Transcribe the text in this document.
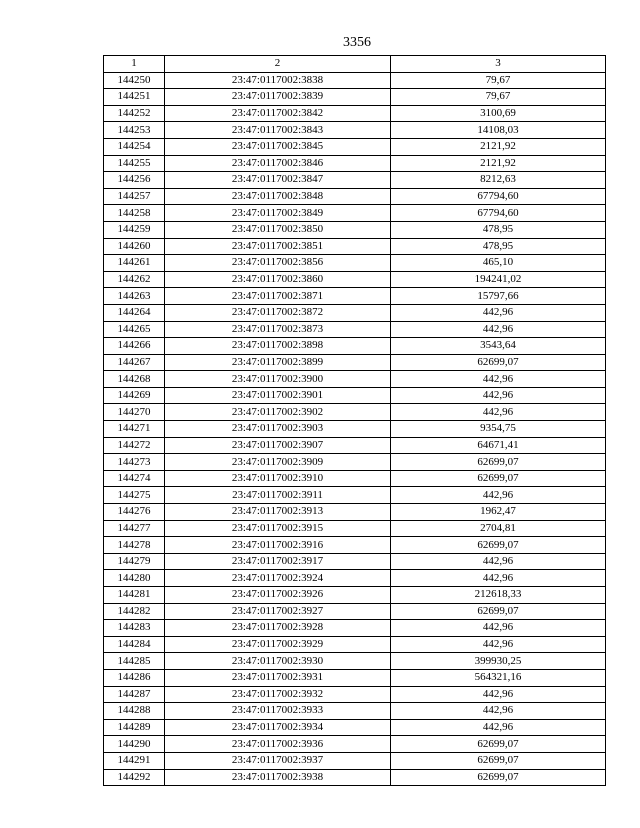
3356
1	2	3
144250	23:47:0117002:3838	79,67
144251	23:47:0117002:3839	79,67
144252	23:47:0117002:3842	3100,69
144253	23:47:0117002:3843	14108,03
144254	23:47:0117002:3845	2121,92
144255	23:47:0117002:3846	2121,92
144256	23:47:0117002:3847	8212,63
144257	23:47:0117002:3848	67794,60
144258	23:47:0117002:3849	67794,60
144259	23:47:0117002:3850	478,95
144260	23:47:0117002:3851	478,95
144261	23:47:0117002:3856	465,10
144262	23:47:0117002:3860	194241,02
144263	23:47:0117002:3871	15797,66
144264	23:47:0117002:3872	442,96
144265	23:47:0117002:3873	442,96
144266	23:47:0117002:3898	3543,64
144267	23:47:0117002:3899	62699,07
144268	23:47:0117002:3900	442,96
144269	23:47:0117002:3901	442,96
144270	23:47:0117002:3902	442,96
144271	23:47:0117002:3903	9354,75
144272	23:47:0117002:3907	64671,41
144273	23:47:0117002:3909	62699,07
144274	23:47:0117002:3910	62699,07
144275	23:47:0117002:3911	442,96
144276	23:47:0117002:3913	1962,47
144277	23:47:0117002:3915	2704,81
144278	23:47:0117002:3916	62699,07
144279	23:47:0117002:3917	442,96
144280	23:47:0117002:3924	442,96
144281	23:47:0117002:3926	212618,33
144282	23:47:0117002:3927	62699,07
144283	23:47:0117002:3928	442,96
144284	23:47:0117002:3929	442,96
144285	23:47:0117002:3930	399930,25
144286	23:47:0117002:3931	564321,16
144287	23:47:0117002:3932	442,96
144288	23:47:0117002:3933	442,96
144289	23:47:0117002:3934	442,96
144290	23:47:0117002:3936	62699,07
144291	23:47:0117002:3937	62699,07
144292	23:47:0117002:3938	62699,07
